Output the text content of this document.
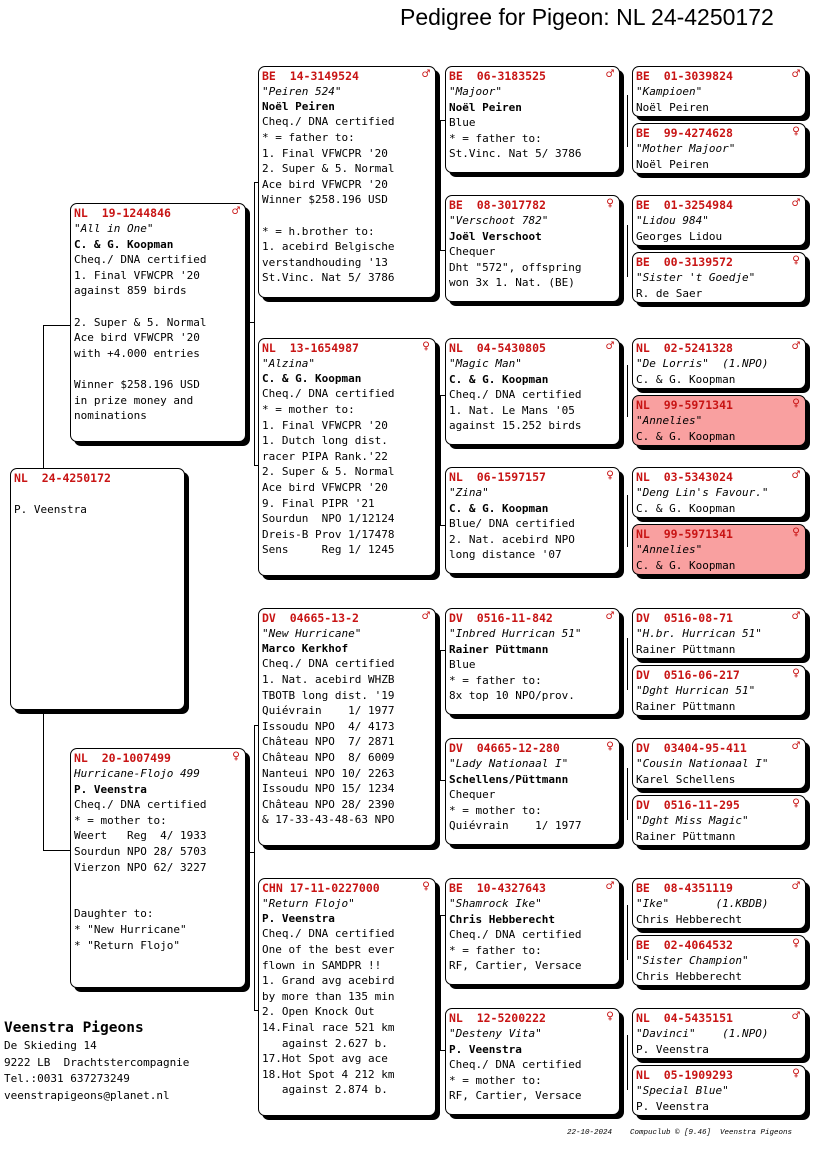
Pedigree for Pigeon: NL 24-4250172
NL  24-4250172

P. Veenstra
NL  19-1244846	♂
"All in One"
C. & G. Koopman
Cheq./ DNA certified
1. Final VFWCPR '20
against 859 birds
2. Super & 5. Normal
Ace bird VFWCPR '20
with +4.000 entries
Winner $258.196 USD
in prize money and
nominations
NL  20-1007499	♀
Hurricane-Flojo 499
P. Veenstra
Cheq./ DNA certified
* = mother to:
Weert   Reg  4/ 1933
Sourdun NPO 28/ 5703
Vierzon NPO 62/ 3227
Daughter to:
* "New Hurricane"
* "Return Flojo"
BE  14-3149524	♂
"Peiren 524"
Noël Peiren
Cheq./ DNA certified
* = father to:
1. Final VFWCPR '20
2. Super & 5. Normal
Ace bird VFWCPR '20
Winner $258.196 USD
* = h.brother to:
1. acebird Belgische
verstandhouding '13
St.Vinc. Nat 5/ 3786
NL  13-1654987	♀
"Alzina"
C. & G. Koopman
Cheq./ DNA certified
* = mother to:
1. Final VFWCPR '20
1. Dutch long dist.
racer PIPA Rank.'22
2. Super & 5. Normal
Ace bird VFWCPR '20
9. Final PIPR '21
Sourdun  NPO 1/12124
Dreis-B Prov 1/17478
Sens     Reg 1/ 1245
DV  04665-13-2	♂
"New Hurricane"
Marco Kerkhof
Cheq./ DNA certified
1. Nat. acebird WHZB
TBOTB long dist. '19
Quiévrain    1/ 1977
Issoudu NPO  4/ 4173
Château NPO  7/ 2871
Château NPO  8/ 6009
Nanteui NPO 10/ 2263
Issoudu NPO 15/ 1234
Château NPO 28/ 2390
& 17-33-43-48-63 NPO
CHN 17-11-0227000	♀
"Return Flojo"
P. Veenstra
Cheq./ DNA certified
One of the best ever
flown in SAMDPR !!
1. Grand avg acebird
by more than 135 min
2. Open Knock Out
14.Final race 521 km
against 2.627 b.
17.Hot Spot avg ace
18.Hot Spot 4 212 km
against 2.874 b.
BE  06-3183525	♂
"Majoor"
Noël Peiren
Blue
* = father to:
St.Vinc. Nat 5/ 3786
BE  08-3017782	♀
"Verschoot 782"
Joël Verschoot
Chequer
Dht "572", offspring
won 3x 1. Nat. (BE)
NL  04-5430805	♂
"Magic Man"
C. & G. Koopman
Cheq./ DNA certified
1. Nat. Le Mans '05
against 15.252 birds
NL  06-1597157	♀
"Zina"
C. & G. Koopman
Blue/ DNA certified
2. Nat. acebird NPO
long distance '07
DV  0516-11-842	♂
"Inbred Hurrican 51"
Rainer Püttmann
Blue
* = father to:
8x top 10 NPO/prov.
DV  04665-12-280	♀
"Lady Nationaal I"
Schellens/Püttmann
Chequer
* = mother to:
Quiévrain    1/ 1977
BE  10-4327643	♂
"Shamrock Ike"
Chris Hebberecht
Cheq./ DNA certified
* = father to:
RF, Cartier, Versace
NL  12-5200222	♀
"Desteny Vita"
P. Veenstra
Cheq./ DNA certified
* = mother to:
RF, Cartier, Versace
BE  01-3039824	♂
"Kampioen"
Noël Peiren
BE  99-4274628	♀
"Mother Majoor"
Noël Peiren
BE  01-3254984	♂
"Lidou 984"
Georges Lidou
BE  00-3139572	♀
"Sister 't Goedje"
R. de Saer
NL  02-5241328	♂
"De Lorris"  (1.NPO)
C. & G. Koopman
NL  99-5971341	♀
"Annelies"
C. & G. Koopman
NL  03-5343024	♂
"Deng Lin's Favour."
C. & G. Koopman
NL  99-5971341	♀
"Annelies"
C. & G. Koopman
DV  0516-08-71	♂
"H.br. Hurrican 51"
Rainer Püttmann
DV  0516-06-217	♀
"Dght Hurrican 51"
Rainer Püttmann
DV  03404-95-411	♂
"Cousin Nationaal I"
Karel Schellens
DV  0516-11-295	♀
"Dght Miss Magic"
Rainer Püttmann
BE  08-4351119	♂
"Ike"       (1.KBDB)
Chris Hebberecht
BE  02-4064532	♀
"Sister Champion"
Chris Hebberecht
NL  04-5435151	♂
"Davinci"    (1.NPO)
P. Veenstra
NL  05-1909293	♀
"Special Blue"
P. Veenstra
Veenstra Pigeons
De Skieding 14
9222 LB  Drachtstercompagnie
Tel.:0031 637273249
veenstrapigeons@planet.nl
22-10-2024    Compuclub © [9.46]  Veenstra Pigeons
